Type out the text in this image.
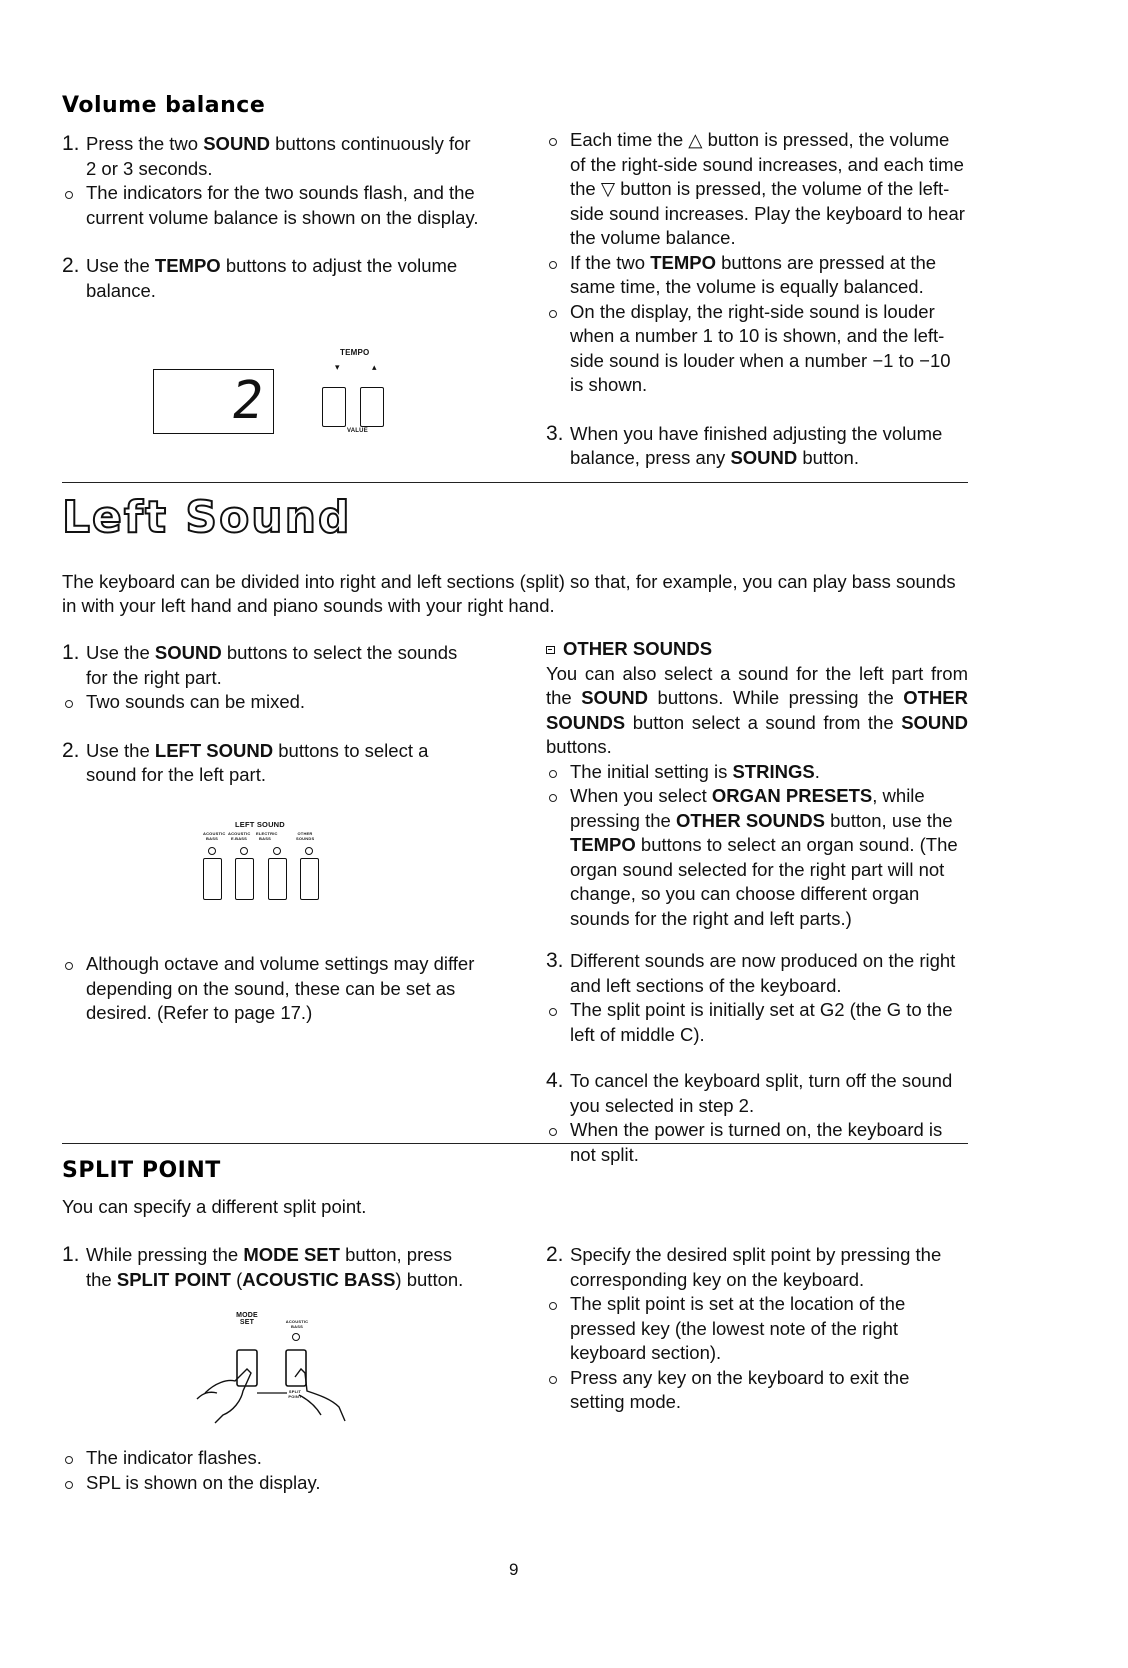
Volume balance

1. Press the two SOUND buttons continuously for 2 or 3 seconds.

The indicators for the two sounds flash, and the current volume balance is shown on the display.

2. Use the TEMPO buttons to adjust the volume balance.

2
TEMPO
▾	▴
VALUE

Each time the △ button is pressed, the volume of the right-side sound increases, and each time the ▽ button is pressed, the volume of the left-side sound increases. Play the keyboard to hear the volume balance.

If the two TEMPO buttons are pressed at the same time, the volume is equally balanced.

On the display, the right-side sound is louder when a number 1 to 10 is shown, and the left-side sound is louder when a number −1 to −10 is shown.

3. When you have finished adjusting the volume balance, press any SOUND button.

Left Sound
The keyboard can be divided into right and left sections (split) so that, for example, you can play bass sounds in with your left hand and piano sounds with your right hand.

1. Use the SOUND buttons to select the sounds for the right part.

Two sounds can be mixed.

2. Use the LEFT SOUND buttons to select a sound for the left part.

LEFT SOUND
ACOUSTIC BASS
ACOUSTIC E.BASS
ELECTRIC BASS
OTHER SOUNDS

Although octave and volume settings may differ depending on the sound, these can be set as desired. (Refer to page 17.)

OTHER SOUNDS

You can also select a sound for the left part from the SOUND buttons. While pressing the OTHER SOUNDS button select a sound from the SOUND buttons.

The initial setting is STRINGS.

When you select ORGAN PRESETS, while pressing the OTHER SOUNDS button, use the TEMPO buttons to select an organ sound. (The organ sound selected for the right part will not change, so you can choose different organ sounds for the right and left parts.)

3. Different sounds are now produced on the right and left sections of the keyboard.

The split point is initially set at G2 (the G to the left of middle C).

4. To cancel the keyboard split, turn off the sound you selected in step 2.

When the power is turned on, the keyboard is not split.

SPLIT POINT
You can specify a different split point.

1. While pressing the MODE SET button, press the SPLIT POINT (ACOUSTIC BASS) button.

MODE SET	ACOUSTIC BASS
SPLIT POINT

The indicator flashes.

SPL is shown on the display.

2. Specify the desired split point by pressing the corresponding key on the keyboard.

The split point is set at the location of the pressed key (the lowest note of the right keyboard section).

Press any key on the keyboard to exit the setting mode.

9
